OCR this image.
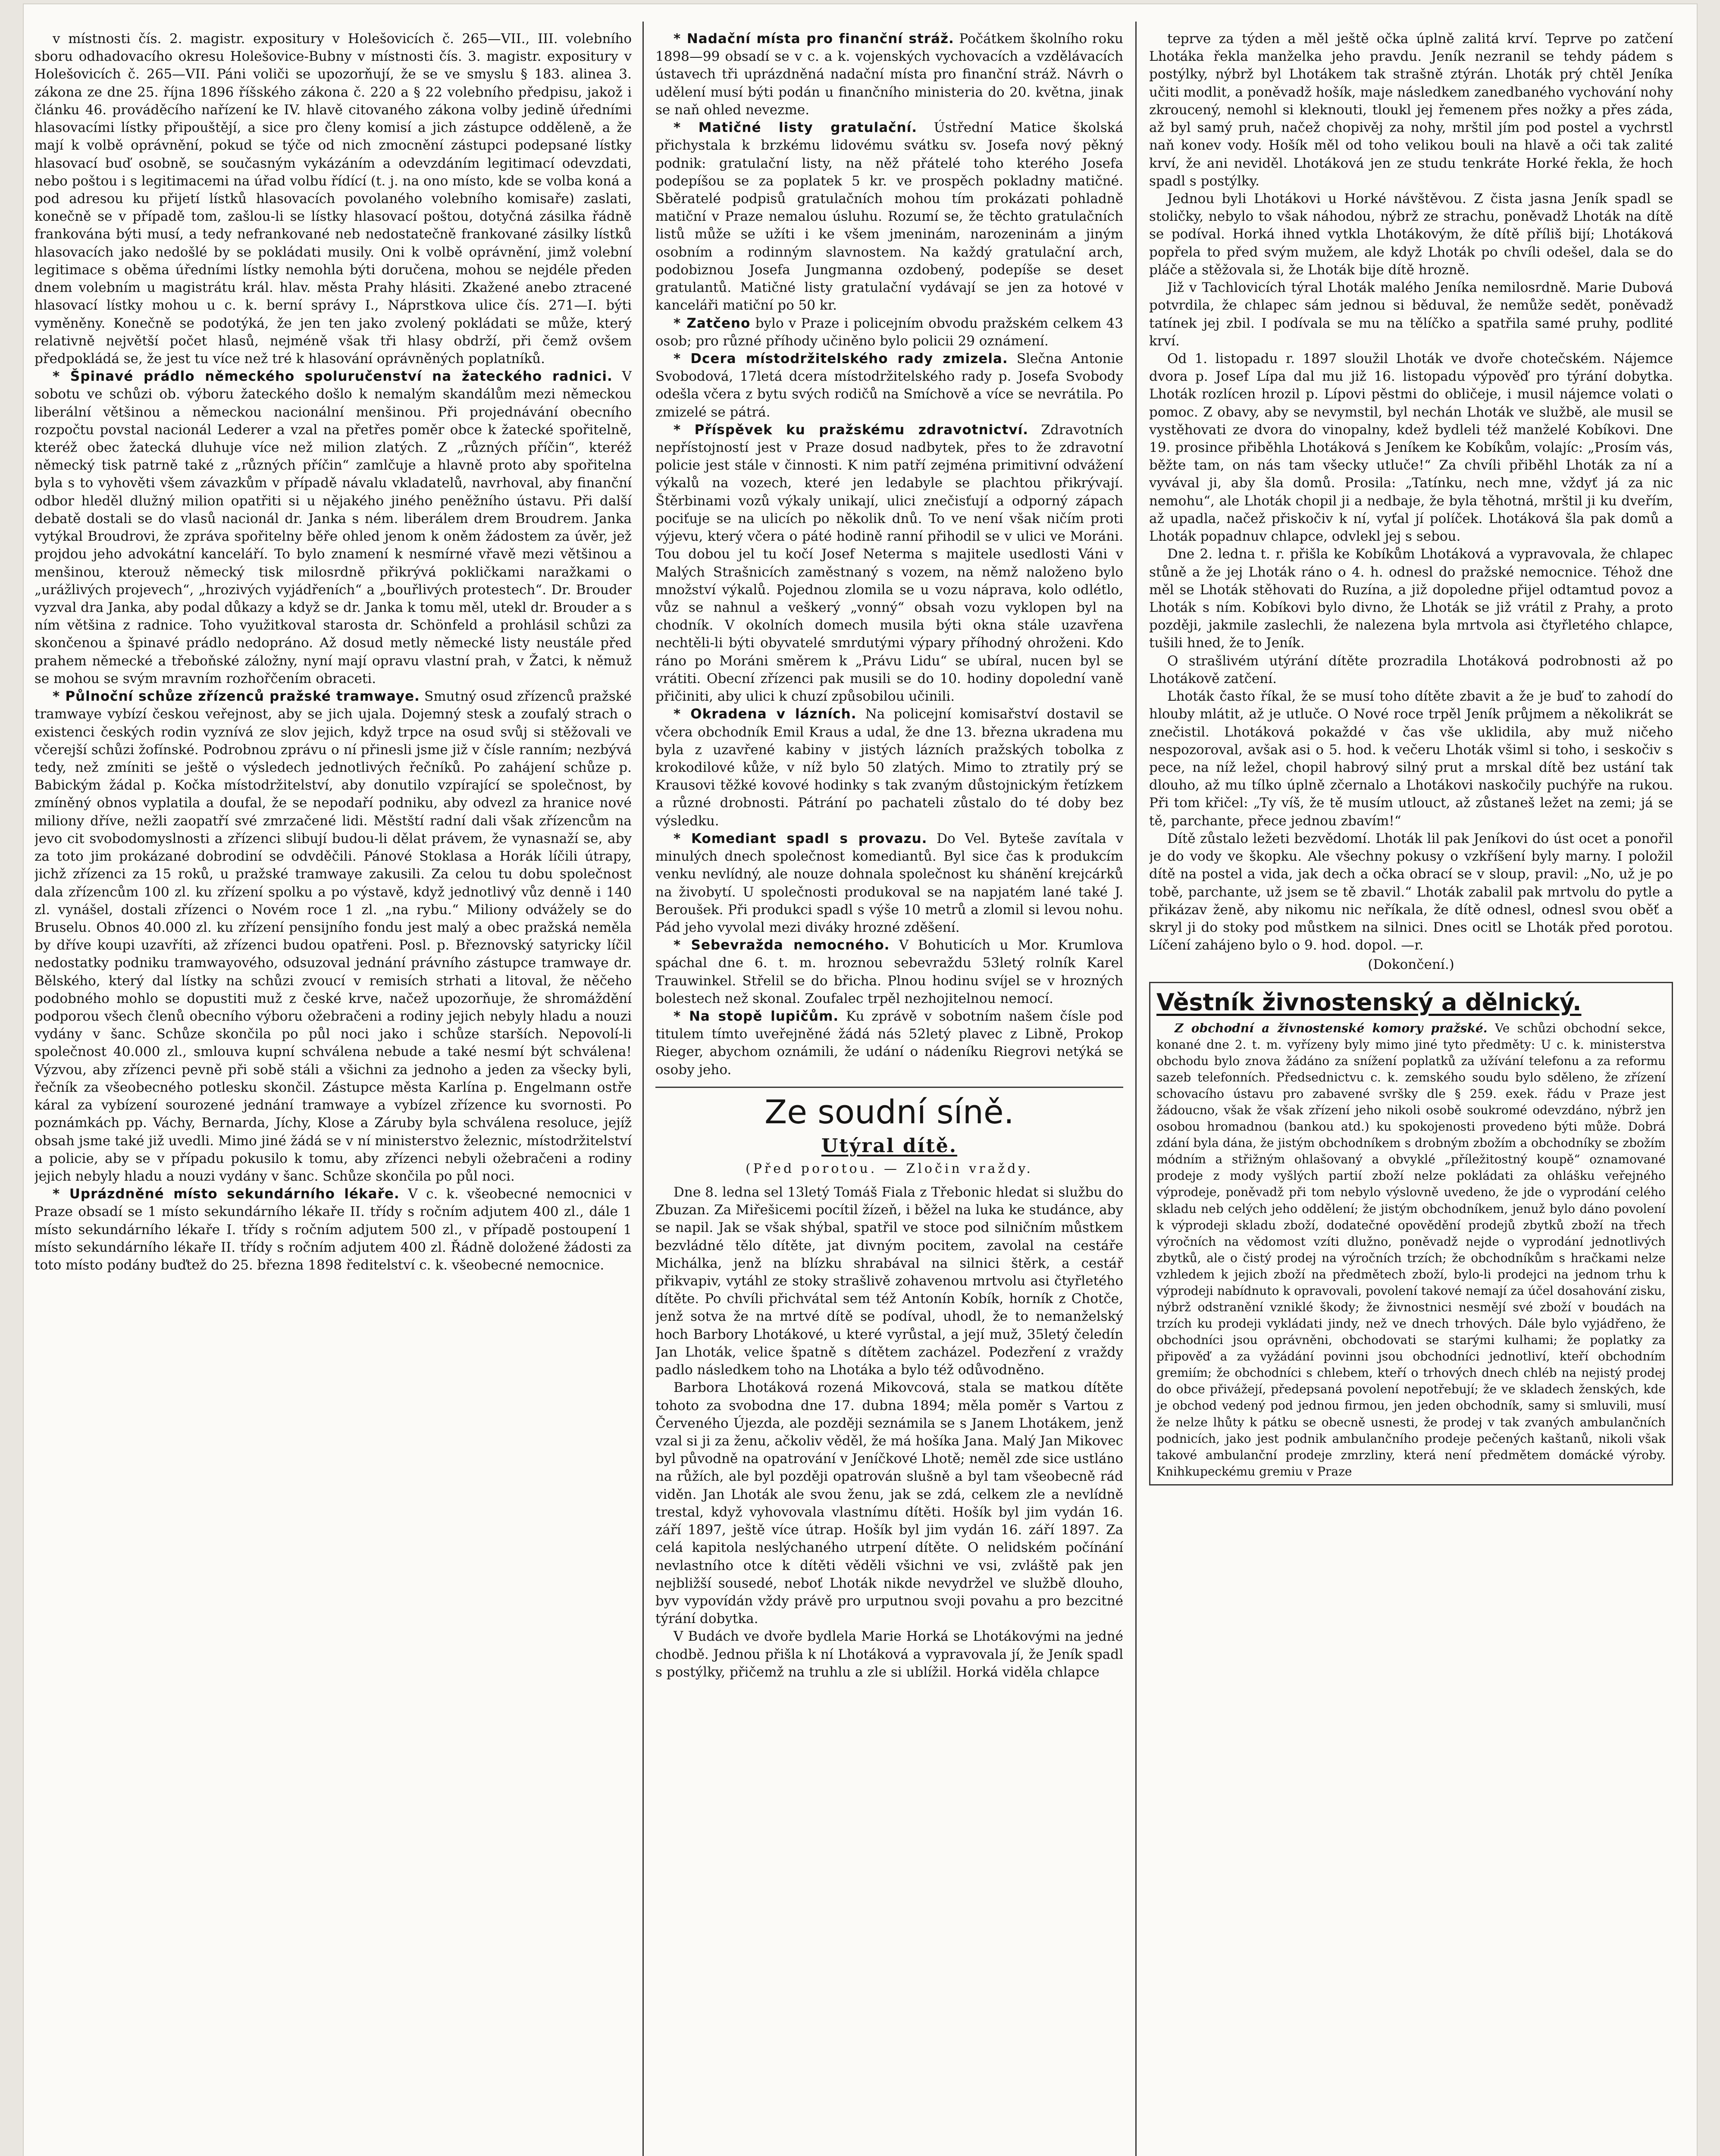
v místnosti čís. 2. magistr. expositury v Holešovicích č. 265—VII., III. volebního sboru odhadovacího okresu Holešovice-Bubny v místnosti čís. 3. magistr. expositury v Holešovicích č. 265—VII. Páni voliči se upozorňují, že se ve smyslu § 183. alinea 3. zákona ze dne 25. října 1896 říšského zákona č. 220 a § 22 volebního předpisu, jakož i článku 46. prováděcího nařízení ke IV. hlavě citovaného zákona volby jedině úředními hlasovacími lístky připouštějí, a sice pro členy komisí a jich zástupce odděleně, a že mají k volbě oprávnění, pokud se týče od nich zmocnění zástupci podepsané lístky hlasovací buď osobně, se současným vykázáním a odevzdáním legitimací odevzdati, nebo poštou i s legitimacemi na úřad volbu řídící (t. j. na ono místo, kde se volba koná a pod adresou ku přijetí lístků hlasovacích povolaného volebního komisaře) zaslati, konečně se v případě tom, zašlou-li se lístky hlasovací poštou, dotyčná zásilka řádně frankována býti musí, a tedy nefrankované neb nedostatečně frankované zásilky lístků hlasovacích jako nedošlé by se pokládati musily. Oni k volbě oprávnění, jimž volební legitimace s oběma úředními lístky nemohla býti doručena, mohou se nejdéle předen dnem volebním u magistrátu král. hlav. města Prahy hlásiti. Zkažené anebo ztracené hlasovací lístky mohou u c. k. berní správy I., Náprstkova ulice čís. 271—I. býti vyměněny. Konečně se podotýká, že jen ten jako zvolený pokládati se může, který relativně největší počet hlasů, nejméně však tři hlasy obdrží, při čemž ovšem předpokládá se, že jest tu více než tré k hlasování oprávněných poplatníků.

* Špinavé prádlo německého spoluručenství na žateckého radnici. V sobotu ve schůzi ob. výboru žateckého došlo k nemalým skandálům mezi německou liberální většinou a německou nacionální menšinou. Při projednávání obecního rozpočtu povstal nacionál Lederer a vzal na přetřes poměr obce k žatecké spořitelně, kteréž obec žatecká dluhuje více než milion zlatých. Z „různých příčin“, kteréž německý tisk patrně také z „různých příčin“ zamlčuje a hlavně proto aby spořitelna byla s to vyhověti všem závazkům v případě návalu vkladatelů, navrhoval, aby finanční odbor hleděl dlužný milion opatřiti si u nějakého jiného peněžního ústavu. Při další debatě dostali se do vlasů nacionál dr. Janka s ném. liberálem drem Broudrem. Janka vytýkal Broudrovi, že zpráva spořitelny běře ohled jenom k oněm žádostem za úvěr, jež projdou jeho advokátní kanceláří. To bylo znamení k nesmírné vřavě mezi většinou a menšinou, kterouž německý tisk milosrdně přikrývá pokličkami naražkami o „urážlivých projevech“, „hrozivých vyjádřeních“ a „bouřlivých protestech“. Dr. Brouder vyzval dra Janka, aby podal důkazy a když se dr. Janka k tomu měl, utekl dr. Brouder a s ním většina z radnice. Toho využitkoval starosta dr. Schönfeld a prohlásil schůzi za skončenou a špinavé prádlo nedopráno. Až dosud metly německé listy neustále před prahem německé a třeboňské záložny, nyní mají opravu vlastní prah, v Žatci, k němuž se mohou se svým mravním rozhořčením obraceti.

* Půlnoční schůze zřízenců pražské tramwaye. Smutný osud zřízenců pražské tramwaye vybízí českou veřejnost, aby se jich ujala. Dojemný stesk a zoufalý strach o existenci českých rodin vyznívá ze slov jejich, když trpce na osud svůj si stěžovali ve včerejší schůzi žofínské. Podrobnou zprávu o ní přinesli jsme již v čísle ranním; nezbývá tedy, než zmíniti se ještě o výsledech jednotlivých řečníků. Po zahájení schůze p. Babickým žádal p. Kočka místodržitelství, aby donutilo vzpírající se společnost, by zmíněný obnos vyplatila a doufal, že se nepodaří podniku, aby odvezl za hranice nové miliony dříve, nežli zaopatří své zmrzačené lidi. Městští radní dali však zřízencům na jevo cit svobodomyslnosti a zřízenci slibují budou-li dělat právem, že vynasnaží se, aby za toto jim prokázané dobrodiní se odvděčili. Pánové Stoklasa a Horák líčili útrapy, jichž zřízenci za 15 roků, u pražské tramwaye zakusili. Za celou tu dobu společnost dala zřízencům 100 zl. ku zřízení spolku a po výstavě, když jednotlivý vůz denně i 140 zl. vynášel, dostali zřízenci o Novém roce 1 zl. „na rybu.“ Miliony odvážely se do Bruselu. Obnos 40.000 zl. ku zřízení pensijního fondu jest malý a obec pražská neměla by dříve koupi uzavříti, až zřízenci budou opatřeni. Posl. p. Březnovský satyricky líčil nedostatky podniku tramwayového, odsuzoval jednání právního zástupce tramwaye dr. Bělského, který dal lístky na schůzi zvoucí v remisích strhati a litoval, že něčeho podobného mohlo se dopustiti muž z české krve, načež upozorňuje, že shromáždění podporou všech členů obecního výboru ožebračeni a rodiny jejich nebyly hladu a nouzi vydány v šanc. Schůze skončila po půl noci jako i schůze starších. Nepovolí-li společnost 40.000 zl., smlouva kupní schválena nebude a také nesmí být schválena! Výzvou, aby zřízenci pevně při sobě stáli a všichni za jednoho a jeden za všecky byli, řečník za všeobecného potlesku skončil. Zástupce města Karlína p. Engelmann ostře káral za vybízení sourozené jednání tramwaye a vybízel zřízence ku svornosti. Po poznámkách pp. Váchy, Bernarda, Jíchy, Klose a Záruby byla schválena resoluce, jejíž obsah jsme také již uvedli. Mimo jiné žádá se v ní ministerstvo železnic, místodržitelství a policie, aby se v případu pokusilo k tomu, aby zřízenci nebyli ožebračeni a rodiny jejich nebyly hladu a nouzi vydány v šanc. Schůze skončila po půl noci.

* Uprázdněné místo sekundárního lékaře. V c. k. všeobecné nemocnici v Praze obsadí se 1 místo sekundárního lékaře II. třídy s ročním adjutem 400 zl., dále 1 místo sekundárního lékaře I. třídy s ročním adjutem 500 zl., v případě postoupení 1 místo sekundárního lékaře II. třídy s ročním adjutem 400 zl. Řádně doložené žádosti za toto místo podány buďtež do 25. března 1898 ředitelství c. k. všeobecné nemocnice.

* Nadační místa pro finanční stráž. Počátkem školního roku 1898—99 obsadí se v c. a k. vojenských vychovacích a vzdělávacích ústavech tři uprázdněná nadační místa pro finanční stráž. Návrh o udělení musí býti podán u finančního ministeria do 20. května, jinak se naň ohled nevezme.

* Matičné listy gratulační. Ústřední Matice školská přichystala k brzkému lidovému svátku sv. Josefa nový pěkný podnik: gratulační listy, na něž přátelé toho kterého Josefa podepíšou se za poplatek 5 kr. ve prospěch pokladny matičné. Sběratelé podpisů gratulačních mohou tím prokázati pohladně matiční v Praze nemalou úsluhu. Rozumí se, že těchto gratulačních listů může se užíti i ke všem jmeninám, narozeninám a jiným osobním a rodinným slavnostem. Na každý gratulační arch, podobiznou Josefa Jungmanna ozdobený, podepíše se deset gratulantů. Matičné listy gratulační vydávají se jen za hotové v kanceláři matiční po 50 kr.

* Zatčeno bylo v Praze i policejním obvodu pražském celkem 43 osob; pro různé příhody učiněno bylo policii 29 oznámení.

* Dcera místodržitelského rady zmizela. Slečna Antonie Svobodová, 17letá dcera místodržitelského rady p. Josefa Svobody odešla včera z bytu svých rodičů na Smíchově a více se nevrátila. Po zmizelé se pátrá.

* Příspěvek ku pražskému zdravotnictví. Zdravotních nepřístojností jest v Praze dosud nadbytek, přes to že zdravotní policie jest stále v činnosti. K nim patří zejména primitivní odvážení výkalů na vozech, které jen ledabyle se plachtou přikrývají. Štěrbinami vozů výkaly unikají, ulici znečisťují a odporný zápach pociťuje se na ulicích po několik dnů. To ve není však ničím proti výjevu, který včera o páté hodině ranní přihodil se v ulici ve Moráni. Tou dobou jel tu kočí Josef Neterma s majitele usedlosti Váni v Malých Strašnicích zaměstnaný s vozem, na němž naloženo bylo množství výkalů. Pojednou zlomila se u vozu náprava, kolo odlétlo, vůz se nahnul a veškerý „vonný“ obsah vozu vyklopen byl na chodník. V okolních domech musila býti okna stále uzavřena nechtěli-li býti obyvatelé smrdutými výpary příhodný ohroženi. Kdo ráno po Moráni směrem k „Právu Lidu“ se ubíral, nucen byl se vrátiti. Obecní zřízenci pak musili se do 10. hodiny dopolední vaně přičiniti, aby ulici k chuzí způsobilou učinili.

* Okradena v lázních. Na policejní komisařství dostavil se včera obchodník Emil Kraus a udal, že dne 13. března ukradena mu byla z uzavřené kabiny v jistých lázních pražských tobolka z krokodilové kůže, v níž bylo 50 zlatých. Mimo to ztratily prý se Krausovi těžké kovové hodinky s tak zvaným důstojnickým řetízkem a různé drobnosti. Pátrání po pachateli zůstalo do té doby bez výsledku.

* Komediant spadl s provazu. Do Vel. Byteše zavítala v minulých dnech společnost komediantů. Byl sice čas k produkcím venku nevlídný, ale nouze dohnala společnost ku shánění krejcárků na živobytí. U společnosti produkoval se na napjatém lané také J. Beroušek. Při produkci spadl s výše 10 metrů a zlomil si levou nohu. Pád jeho vyvolal mezi diváky hrozné zděšení.

* Sebevražda nemocného. V Bohuticích u Mor. Krumlova spáchal dne 6. t. m. hroznou sebevraždu 53letý rolník Karel Trauwinkel. Střelil se do břicha. Plnou hodinu svíjel se v hrozných bolestech než skonal. Zoufalec trpěl nezhojitelnou nemocí.

* Na stopě lupičům. Ku zprávě v sobotním našem čísle pod titulem tímto uveřejněné žádá nás 52letý plavec z Libně, Prokop Rieger, abychom oznámili, že udání o nádeníku Riegrovi netýká se osoby jeho.

Ze soudní síně.
Utýral dítě.
(Před porotou. — Zločin vraždy.

Dne 8. ledna sel 13letý Tomáš Fiala z Třebonic hledat si službu do Zbuzan. Za Miřešicemi pocítil žízeň, i běžel na luka ke studánce, aby se napil. Jak se však shýbal, spatřil ve stoce pod silničním můstkem bezvládné tělo dítěte, jat divným pocitem, zavolal na cestáře Michálka, jenž na blízku shrabával na silnici štěrk, a cestář přikvapiv, vytáhl ze stoky strašlivě zohavenou mrtvolu asi čtyřletého dítěte. Po chvíli přichvátal sem též Antonín Kobík, horník z Chotče, jenž sotva že na mrtvé dítě se podíval, uhodl, že to nemanželský hoch Barbory Lhotákové, u které vyrůstal, a její muž, 35letý čeledín Jan Lhoták, velice špatně s dítětem zacházel. Podezření z vraždy padlo následkem toho na Lhotáka a bylo též odůvodněno.

Barbora Lhotáková rozená Mikovcová, stala se matkou dítěte tohoto za svobodna dne 17. dubna 1894; měla poměr s Vartou z Červeného Újezda, ale později seznámila se s Janem Lhotákem, jenž vzal si ji za ženu, ačkoliv věděl, že má hošíka Jana. Malý Jan Mikovec byl původně na opatrování v Jeníčkové Lhotě; neměl zde sice ustláno na růžích, ale byl později opatrován slušně a byl tam všeobecně rád viděn. Jan Lhoták ale svou ženu, jak se zdá, celkem zle a nevlídně trestal, když vyhovovala vlastnímu dítěti. Hošík byl jim vydán 16. září 1897, ještě více útrap. Hošík byl jim vydán 16. září 1897. Za celá kapitola neslýchaného utrpení dítěte. O nelidském počínání nevlastního otce k dítěti věděli všichni ve vsi, zvláště pak jen nejbližší sousedé, neboť Lhoták nikde nevydržel ve službě dlouho, byv vypovídán vždy právě pro urputnou svoji povahu a pro bezcitné týrání dobytka.

V Budách ve dvoře bydlela Marie Horká se Lhotákovými na jedné chodbě. Jednou přišla k ní Lhotáková a vypravovala jí, že Jeník spadl s postýlky, přičemž na truhlu a zle si ublížil. Horká viděla chlapce

teprve za týden a měl ještě očka úplně zalitá krví. Teprve po zatčení Lhotáka řekla manželka jeho pravdu. Jeník nezranil se tehdy pádem s postýlky, nýbrž byl Lhotákem tak strašně ztýrán. Lhoták prý chtěl Jeníka učiti modlit, a poněvadž hošík, maje následkem zanedbaného vychování nohy zkroucený, nemohl si kleknouti, tloukl jej řemenem přes nožky a přes záda, až byl samý pruh, načež chopivěj za nohy, mrštil jím pod postel a vychrstl naň konev vody. Hošík měl od toho velikou bouli na hlavě a oči tak zalité krví, že ani neviděl. Lhotáková jen ze studu tenkráte Horké řekla, že hoch spadl s postýlky.

Jednou byli Lhotákovi u Horké návštěvou. Z čista jasna Jeník spadl se stoličky, nebylo to však náhodou, nýbrž ze strachu, poněvadž Lhoták na dítě se podíval. Horká ihned vytkla Lhotákovým, že dítě příliš bijí; Lhotáková popřela to před svým mužem, ale když Lhoták po chvíli odešel, dala se do pláče a stěžovala si, že Lhoták bije dítě hrozně.

Již v Tachlovicích týral Lhoták malého Jeníka nemilosrdně. Marie Dubová potvrdila, že chlapec sám jednou si běduval, že nemůže sedět, poněvadž tatínek jej zbil. I podívala se mu na tělíčko a spatřila samé pruhy, podlité krví.

Od 1. listopadu r. 1897 sloužil Lhoták ve dvoře chotečském. Nájemce dvora p. Josef Lípa dal mu již 16. listopadu výpověď pro týrání dobytka. Lhoták rozlícen hrozil p. Lípovi pěstmi do obličeje, i musil nájemce volati o pomoc. Z obavy, aby se nevymstil, byl nechán Lhoták ve službě, ale musil se vystěhovati ze dvora do vinopalny, kdež bydleli též manželé Kobíkovi. Dne 19. prosince přiběhla Lhotáková s Jeníkem ke Kobíkům, volajíc: „Prosím vás, běžte tam, on nás tam všecky utluče!“ Za chvíli přiběhl Lhoták za ní a vyvával ji, aby šla domů. Prosila: „Tatínku, nech mne, vždyť já za nic nemohu“, ale Lhoták chopil ji a nedbaje, že byla těhotná, mrštil ji ku dveřím, až upadla, načež přiskočiv k ní, vyťal jí políček. Lhotáková šla pak domů a Lhoták popadnuv chlapce, odvlekl jej s sebou.

Dne 2. ledna t. r. přišla ke Kobíkům Lhotáková a vypravovala, že chlapec stůně a že jej Lhoták ráno o 4. h. odnesl do pražské nemocnice. Téhož dne měl se Lhoták stěhovati do Ruzína, a již dopoledne přijel odtamtud povoz a Lhoták s ním. Kobíkovi bylo divno, že Lhoták se již vrátil z Prahy, a proto později, jakmile zaslechli, že nalezena byla mrtvola asi čtyřletého chlapce, tušili hned, že to Jeník.

O strašlivém utýrání dítěte prozradila Lhotáková podrobnosti až po Lhotákově zatčení.

Lhoták často říkal, že se musí toho dítěte zbavit a že je buď to zahodí do hlouby mlátit, až je utluče. O Nové roce trpěl Jeník průjmem a několikrát se znečistil. Lhotáková pokaždé v čas vše uklidila, aby muž ničeho nespozoroval, avšak asi o 5. hod. k večeru Lhoták všiml si toho, i seskočiv s pece, na níž ležel, chopil habrový silný prut a mrskal dítě bez ustání tak dlouho, až mu tílko úplně zčernalo a Lhotákovi naskočily puchýře na rukou. Při tom křičel: „Ty víš, že tě musím utlouct, až zůstaneš ležet na zemi; já se tě, parchante, přece jednou zbavím!“

Dítě zůstalo ležeti bezvědomí. Lhoták lil pak Jeníkovi do úst ocet a ponořil je do vody ve škopku. Ale všechny pokusy o vzkříšení byly marny. I položil dítě na postel a vida, jak dech a očka obrací se v sloup, pravil: „No, už je po tobě, parchante, už jsem se tě zbavil.“ Lhoták zabalil pak mrtvolu do pytle a přikázav ženě, aby nikomu nic neříkala, že dítě odnesl, odnesl svou oběť a skryl ji do stoky pod můstkem na silnici. Dnes ocitl se Lhoták před porotou. Líčení zahájeno bylo o 9. hod. dopol. —r.

(Dokončení.)
Věstník živnostenský a dělnický.

Z obchodní a živnostenské komory pražské. Ve schůzi obchodní sekce, konané dne 2. t. m. vyřízeny byly mimo jiné tyto předměty: U c. k. ministerstva obchodu bylo znova žádáno za snížení poplatků za užívání telefonu a za reformu sazeb telefonních. Předsednictvu c. k. zemského soudu bylo sděleno, že zřízení schovacího ústavu pro zabavené svršky dle § 259. exek. řádu v Praze jest žádoucno, však že však zřízení jeho nikoli osobě soukromé odevzdáno, nýbrž jen osobou hromadnou (bankou atd.) ku spokojenosti provedeno býti může. Dobrá zdání byla dána, že jistým obchodníkem s drobným zbožím a obchodníky se zbožím módním a střižným ohlašovaný a obvyklé „příležitostný koupě“ oznamované prodeje z mody vyšlých partií zboží nelze pokládati za ohlášku veřejného výprodeje, poněvadž při tom nebylo výslovně uvedeno, že jde o vyprodání celého skladu neb celých jeho oddělení; že jistým obchodníkem, jenuž bylo dáno povolení k výprodeji skladu zboží, dodatečné opovědění prodejů zbytků zboží na třech výročních na vědomost vzíti dlužno, poněvadž nejde o vyprodání jednotlivých zbytků, ale o čistý prodej na výročních trzích; že obchodníkům s hračkami nelze vzhledem k jejich zboží na předmětech zboží, bylo-li prodejci na jednom trhu k výprodeji nabídnuto k opravovali, povolení takové nemají za účel dosahování zisku, nýbrž odstranění vzniklé škody; že živnostnici nesmějí své zboží v boudách na trzích ku prodeji vykládati jindy, než ve dnech trhových. Dále bylo vyjádřeno, že obchodníci jsou oprávněni, obchodovati se starými kulhami; že poplatky za připověď a za vyžádání povinni jsou obchodníci jednotliví, kteří obchodním gremiím; že obchodníci s chlebem, kteří o trhových dnech chléb na nejistý prodej do obce přivážejí, předepsaná povolení nepotřebují; že ve skladech ženských, kde je obchod vedený pod jednou firmou, jen jeden obchodník, samy si smluvili, musí že nelze lhůty k pátku se obecně usnesti, že prodej v tak zvaných ambulančních podnicích, jako jest podnik ambulančního prodeje pečených kaštanů, nikoli však takové ambulanční prodeje zmrzliny, která není předmětem domácké výroby. Knihkupeckému gremiu v Praze
